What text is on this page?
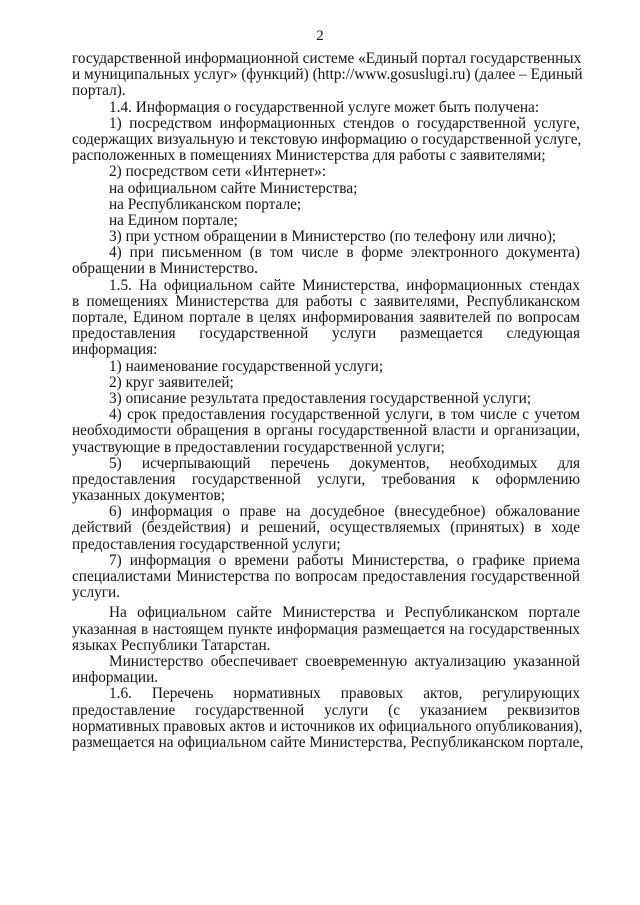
2
государственной информационной системе «Единый портал государственных
и муниципальных услуг» (функций) (http://www.gosuslugi.ru) (далее – Единый
портал).
1.4. Информация о государственной услуге может быть получена:
1) посредством информационных стендов о государственной услуге,
содержащих визуальную и текстовую информацию о государственной услуге,
расположенных в помещениях Министерства для работы с заявителями;
2) посредством сети «Интернет»:
на официальном сайте Министерства;
на Республиканском портале;
на Едином портале;
3) при устном обращении в Министерство (по телефону или лично);
4) при письменном (в том числе в форме электронного документа)
обращении в Министерство.
1.5. На официальном сайте Министерства, информационных стендах
в помещениях Министерства для работы с заявителями, Республиканском
портале, Едином портале в целях информирования заявителей по вопросам
предоставления государственной услуги размещается следующая
информация:
1) наименование государственной услуги;
2) круг заявителей;
3) описание результата предоставления государственной услуги;
4) срок предоставления государственной услуги, в том числе с учетом
необходимости обращения в органы государственной власти и организации,
участвующие в предоставлении государственной услуги;
5) исчерпывающий перечень документов, необходимых для
предоставления государственной услуги, требования к оформлению
указанных документов;
6) информация о праве на досудебное (внесудебное) обжалование
действий (бездействия) и решений, осуществляемых (принятых) в ходе
предоставления государственной услуги;
7) информация о времени работы Министерства, о графике приема
специалистами Министерства по вопросам предоставления государственной
услуги.
На официальном сайте Министерства и Республиканском портале
указанная в настоящем пункте информация размещается на государственных
языках Республики Татарстан.
Министерство обеспечивает своевременную актуализацию указанной
информации.
1.6. Перечень нормативных правовых актов, регулирующих
предоставление государственной услуги (с указанием реквизитов
нормативных правовых актов и источников их официального опубликования),
размещается на официальном сайте Министерства, Республиканском портале,
